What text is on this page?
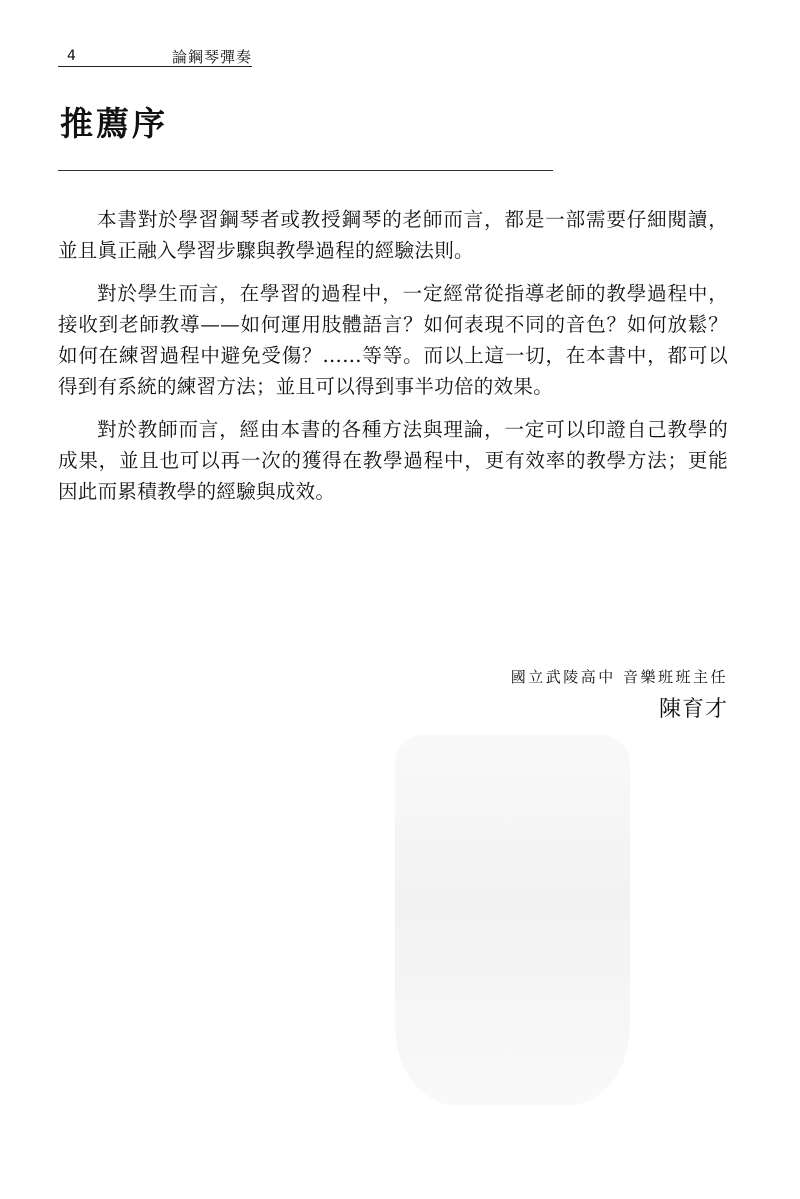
4	論鋼琴彈奏
推薦序

本書對於學習鋼琴者或教授鋼琴的老師而言，都是一部需要仔細閱讀，並且眞正融入學習步驟與教學過程的經驗法則。

對於學生而言，在學習的過程中，一定經常從指導老師的教學過程中，接收到老師教導——如何運用肢體語言？如何表現不同的音色？如何放鬆？如何在練習過程中避免受傷？……等等。而以上這一切，在本書中，都可以得到有系統的練習方法；並且可以得到事半功倍的效果。

對於教師而言，經由本書的各種方法與理論，一定可以印證自己教學的成果，並且也可以再一次的獲得在教學過程中，更有效率的教學方法；更能因此而累積教學的經驗與成效。

國立武陵高中 音樂班班主任
陳育才
